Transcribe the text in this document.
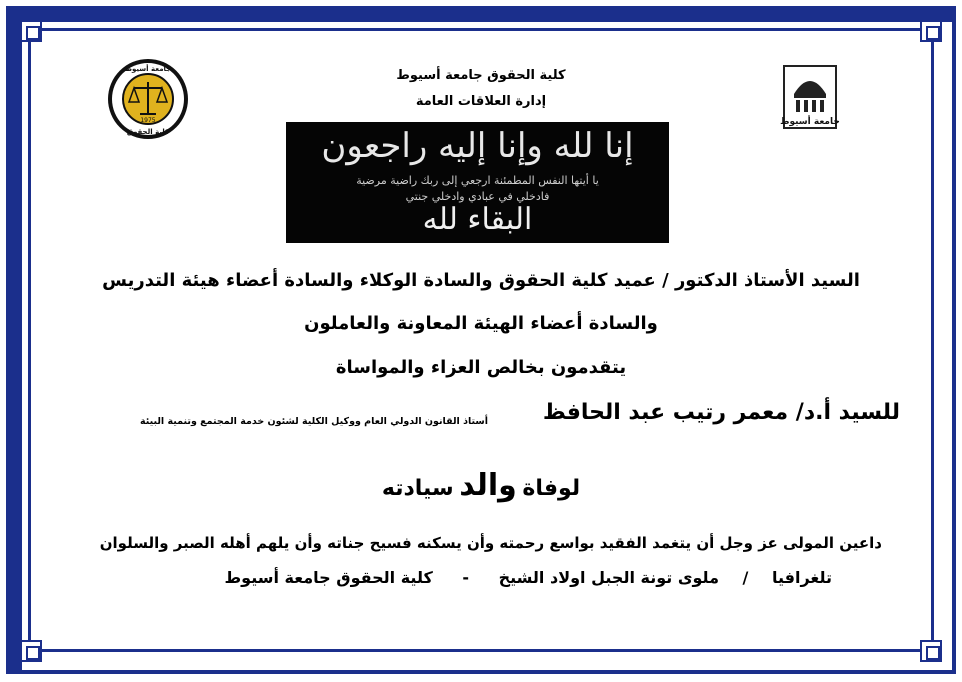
1975
جامعة أسيوط
كلية الحقوق
جامعة أسيوط
كلية الحقوق جامعة أسيوط
إدارة العلاقات العامة
إنا لله وإنا إليه راجعون
يا أيتها النفس المطمئنة ارجعي إلى ربك راضية مرضية
فادخلي في عبادي وادخلي جنتي
البقاء لله
السيد الأستاذ الدكتور / عميد كلية الحقوق والسادة الوكلاء والسادة أعضاء هيئة التدريس
والسادة أعضاء الهيئة المعاونة والعاملون
يتقدمون بخالص العزاء والمواساة
للسيد أ.د/ معمر رتيب عبد الحافظ
أستاذ القانون الدولي العام ووكيل الكلية لشئون خدمة المجتمع وتنمية البيئة
لوفاة والد سيادته
داعين المولى عز وجل أن يتغمد الفقيد بواسع رحمته وأن يسكنه فسيح جناته وأن يلهم أهله الصبر والسلوان
تلغرافيا / ملوى تونة الجبل اولاد الشيخ - كلية الحقوق جامعة أسيوط
